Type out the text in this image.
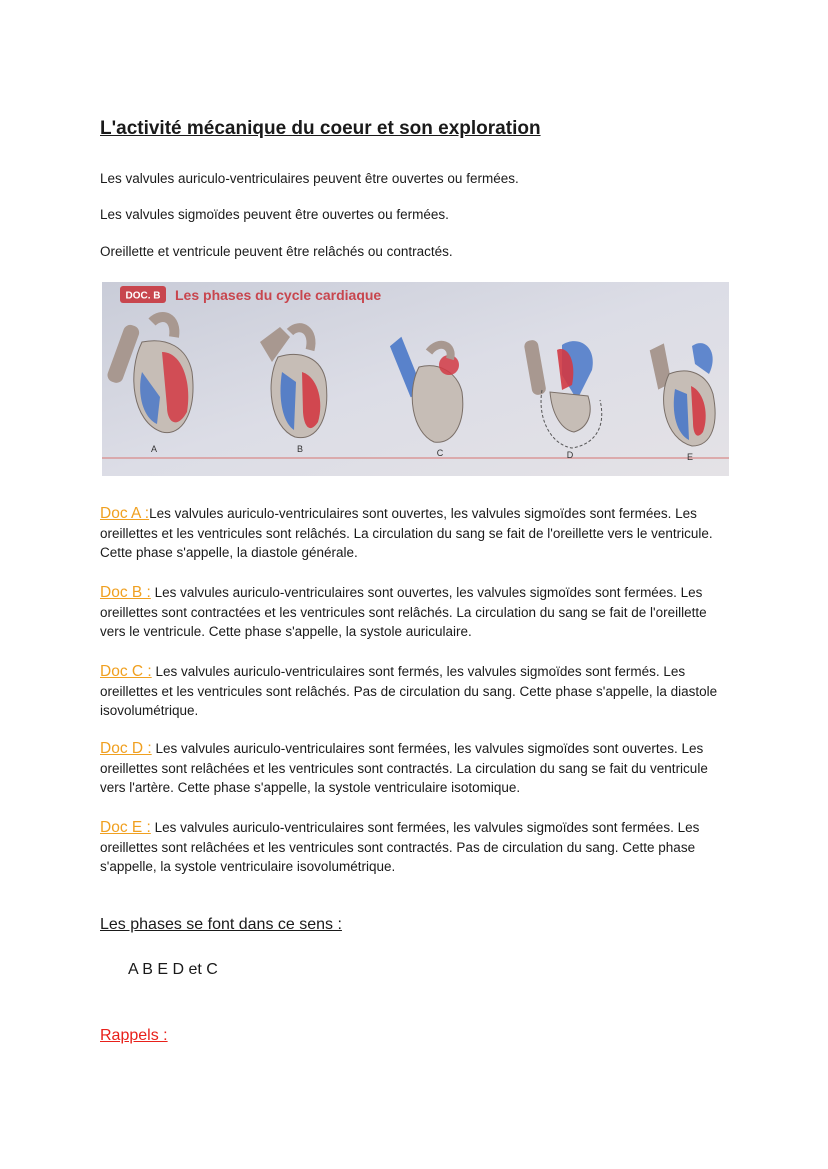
L'activité mécanique du coeur et son exploration

Les valvules auriculo-ventriculaires peuvent être ouvertes ou fermées.

Les valvules sigmoïdes peuvent être ouvertes ou fermées.

Oreillette et ventricule peuvent être relâchés ou contractés.

DOC. B Les phases du cycle cardiaque
A	B	C	D	E

Doc A :Les valvules auriculo-ventriculaires sont ouvertes, les valvules sigmoïdes sont fermées. Les oreillettes et les ventricules sont relâchés. La circulation du sang se fait de l'oreillette vers le ventricule. Cette phase s'appelle, la diastole générale.

Doc B : Les valvules auriculo-ventriculaires sont ouvertes, les valvules sigmoïdes sont fermées. Les oreillettes sont contractées et les ventricules sont relâchés. La circulation du sang se fait de l'oreillette vers le ventricule. Cette phase s'appelle, la systole auriculaire.

Doc C : Les valvules auriculo-ventriculaires sont fermés, les valvules sigmoïdes sont fermés. Les oreillettes et les ventricules sont relâchés. Pas de circulation du sang. Cette phase s'appelle, la diastole isovolumétrique.

Doc D : Les valvules auriculo-ventriculaires sont fermées, les valvules sigmoïdes sont ouvertes. Les oreillettes sont relâchées et les ventricules sont contractés. La circulation du sang se fait du ventricule vers l'artère. Cette phase s'appelle, la systole ventriculaire isotomique.

Doc E : Les valvules auriculo-ventriculaires sont fermées, les valvules sigmoïdes sont fermées. Les oreillettes sont relâchées et les ventricules sont contractés. Pas de circulation du sang. Cette phase s'appelle, la systole ventriculaire isovolumétrique.

Les phases se font dans ce sens :

A B E D et C

Rappels :
